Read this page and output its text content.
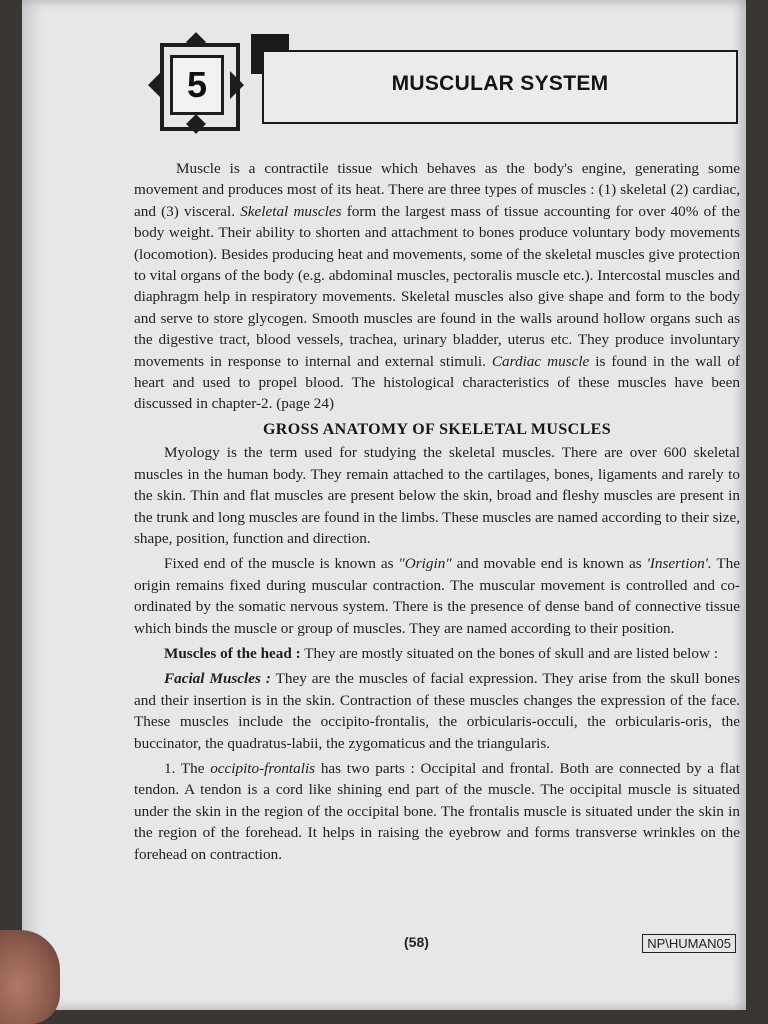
5	MUSCULAR SYSTEM

Muscle is a contractile tissue which behaves as the body's engine, generating some movement and produces most of its heat. There are three types of muscles : (1) skeletal (2) cardiac, and (3) visceral. Skeletal muscles form the largest mass of tissue accounting for over 40% of the body weight. Their ability to shorten and attachment to bones produce voluntary body movements (locomotion). Besides producing heat and movements, some of the skeletal muscles give protection to vital organs of the body (e.g. abdominal muscles, pectoralis muscle etc.). Intercostal muscles and diaphragm help in respiratory movements. Skeletal muscles also give shape and form to the body and serve to store glycogen. Smooth muscles are found in the walls around hollow organs such as the digestive tract, blood vessels, trachea, urinary bladder, uterus etc. They produce involuntary movements in response to internal and external stimuli. Cardiac muscle is found in the wall of heart and used to propel blood. The histological characteristics of these muscles have been discussed in chapter-2. (page 24)

GROSS ANATOMY OF SKELETAL MUSCLES

Myology is the term used for studying the skeletal muscles. There are over 600 skeletal muscles in the human body. They remain attached to the cartilages, bones, ligaments and rarely to the skin. Thin and flat muscles are present below the skin, broad and fleshy muscles are present in the trunk and long muscles are found in the limbs. These muscles are named according to their size, shape, position, function and direction.

Fixed end of the muscle is known as "Origin" and movable end is known as 'Insertion'. The origin remains fixed during muscular contraction. The muscular movement is controlled and co-ordinated by the somatic nervous system. There is the presence of dense band of connective tissue which binds the muscle or group of muscles. They are named according to their position.

Muscles of the head : They are mostly situated on the bones of skull and are listed below :

Facial Muscles : They are the muscles of facial expression. They arise from the skull bones and their insertion is in the skin. Contraction of these muscles changes the expression of the face. These muscles include the occipito-frontalis, the orbicularis-occuli, the orbicularis-oris, the buccinator, the quadratus-labii, the zygomaticus and the triangularis.

1. The occipito-frontalis has two parts : Occipital and frontal. Both are connected by a flat tendon. A tendon is a cord like shining end part of the muscle. The occipital muscle is situated under the skin in the region of the occipital bone. The frontalis muscle is situated under the skin in the region of the forehead. It helps in raising the eyebrow and forms transverse wrinkles on the forehead on contraction.

(58)	NP\HUMAN05
